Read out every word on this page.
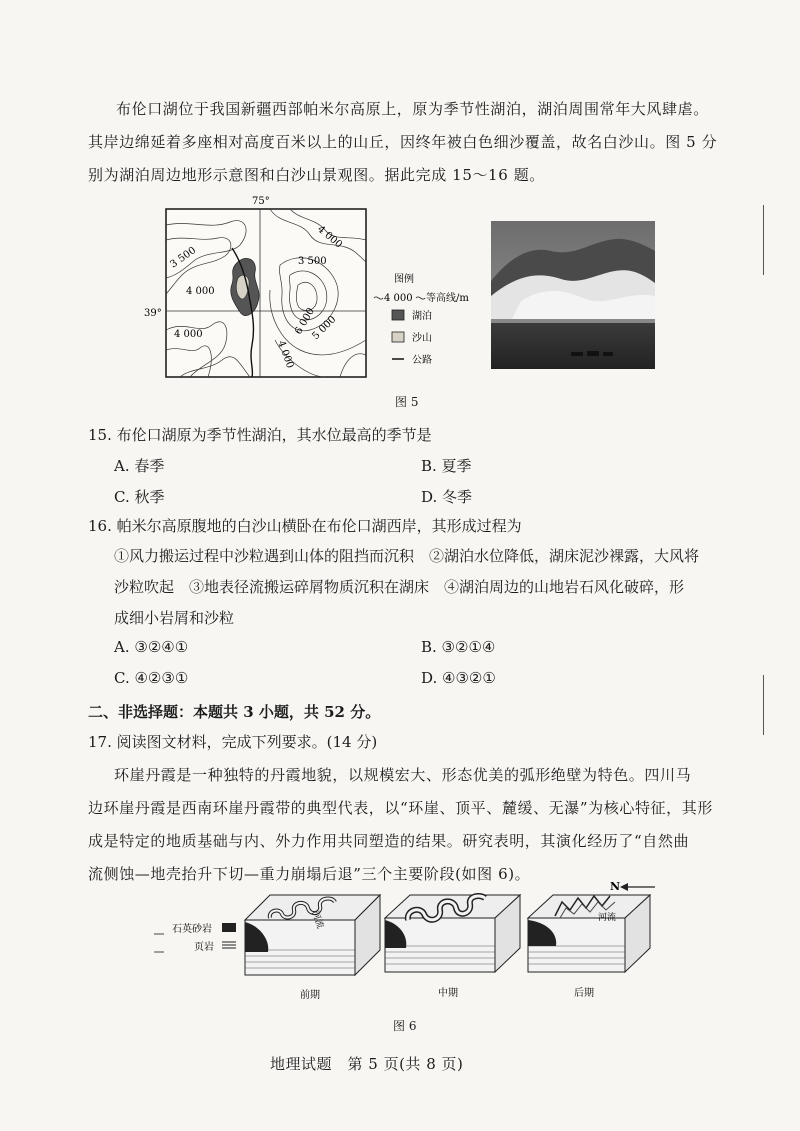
布伦口湖位于我国新疆西部帕米尔高原上，原为季节性湖泊，湖泊周围常年大风肆虐。
其岸边绵延着多座相对高度百米以上的山丘，因终年被白色细沙覆盖，故名白沙山。图 5 分
别为湖泊周边地形示意图和白沙山景观图。据此完成 15～16 题。
75°
39°
3 500
4 000
3 500
4 000
4 000	5 000
4 000
6 000
图例
4 000 等高线/m
湖泊
沙山
公路
图 5
15. 布伦口湖原为季节性湖泊，其水位最高的季节是
A. 春季	B. 夏季
C. 秋季	D. 冬季
16. 帕米尔高原腹地的白沙山横卧在布伦口湖西岸，其形成过程为
①风力搬运过程中沙粒遇到山体的阻挡而沉积　②湖泊水位降低，湖床泥沙裸露，大风将
沙粒吹起　③地表径流搬运碎屑物质沉积在湖床　④湖泊周边的山地岩石风化破碎，形
成细小岩屑和沙粒
A. ③②④①	B. ③②①④
C. ④②③①	D. ④③②①
二、非选择题：本题共 3 小题，共 52 分。
17. 阅读图文材料，完成下列要求。(14 分)
环崖丹霞是一种独特的丹霞地貌，以规模宏大、形态优美的弧形绝壁为特色。四川马
边环崖丹霞是西南环崖丹霞带的典型代表，以“环崖、顶平、麓缓、无瀑”为核心特征，其形
成是特定的地质基础与内、外力作用共同塑造的结果。研究表明，其演化经历了“自然曲
流侧蚀—地壳抬升下切—重力崩塌后退”三个主要阶段(如图 6)。
石英砂岩
页岩
N
河流	河流
前期	中期	后期
图 6
地理试题　第 5 页(共 8 页)
